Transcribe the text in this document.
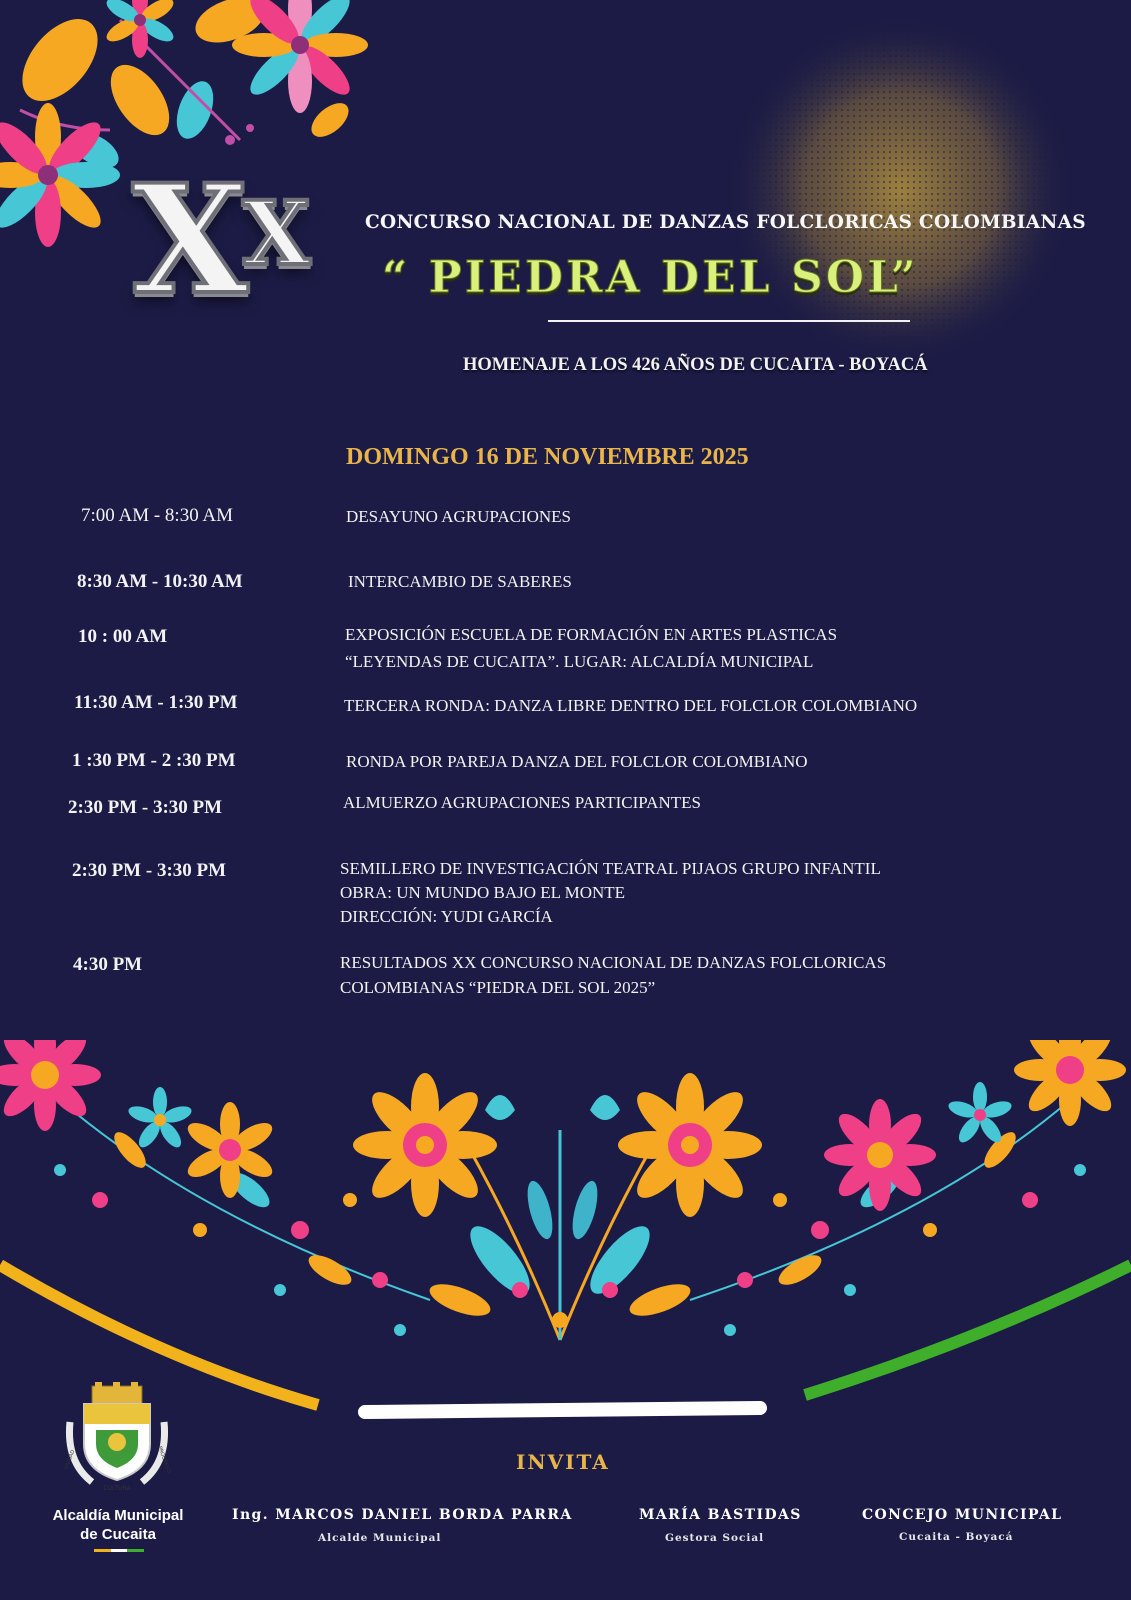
$X^X$	CONCURSO NACIONAL DE DANZAS FOLCLORICAS COLOMBIANAS
“ PIEDRA DEL SOL”
HOMENAJE A LOS 426 AÑOS DE CUCAITA - BOYACÁ
DOMINGO 16 DE NOVIEMBRE 2025
7:00 AM - 8:30 AM	DESAYUNO AGRUPACIONES
8:30 AM - 10:30 AM	INTERCAMBIO DE SABERES
10 : 00 AM	EXPOSICIÓN ESCUELA DE FORMACIÓN EN ARTES PLASTICAS
“LEYENDAS DE CUCAITA”. LUGAR: ALCALDÍA MUNICIPAL
11:30 AM - 1:30 PM	TERCERA RONDA: DANZA LIBRE DENTRO DEL FOLCLOR COLOMBIANO
1 :30 PM - 2 :30 PM	RONDA POR PAREJA DANZA DEL FOLCLOR COLOMBIANO
2:30 PM - 3:30 PM	ALMUERZO AGRUPACIONES PARTICIPANTES
2:30 PM - 3:30 PM	SEMILLERO DE INVESTIGACIÓN TEATRAL PIJAOS GRUPO INFANTIL
OBRA: UN MUNDO BAJO EL MONTE
DIRECCIÓN: YUDI GARCÍA
4:30 PM	RESULTADOS XX CONCURSO NACIONAL DE DANZAS FOLCLORICAS
COLOMBIANAS “PIEDRA DEL SOL 2025”
CULTURA
UNIDAD	PROGRESO
Alcaldía Municipal
de Cucaita
INVITA
Ing. MARCOS DANIEL BORDA PARRA
Alcalde Municipal
MARÍA BASTIDAS
Gestora Social
CONCEJO MUNICIPAL
Cucaita - Boyacá
